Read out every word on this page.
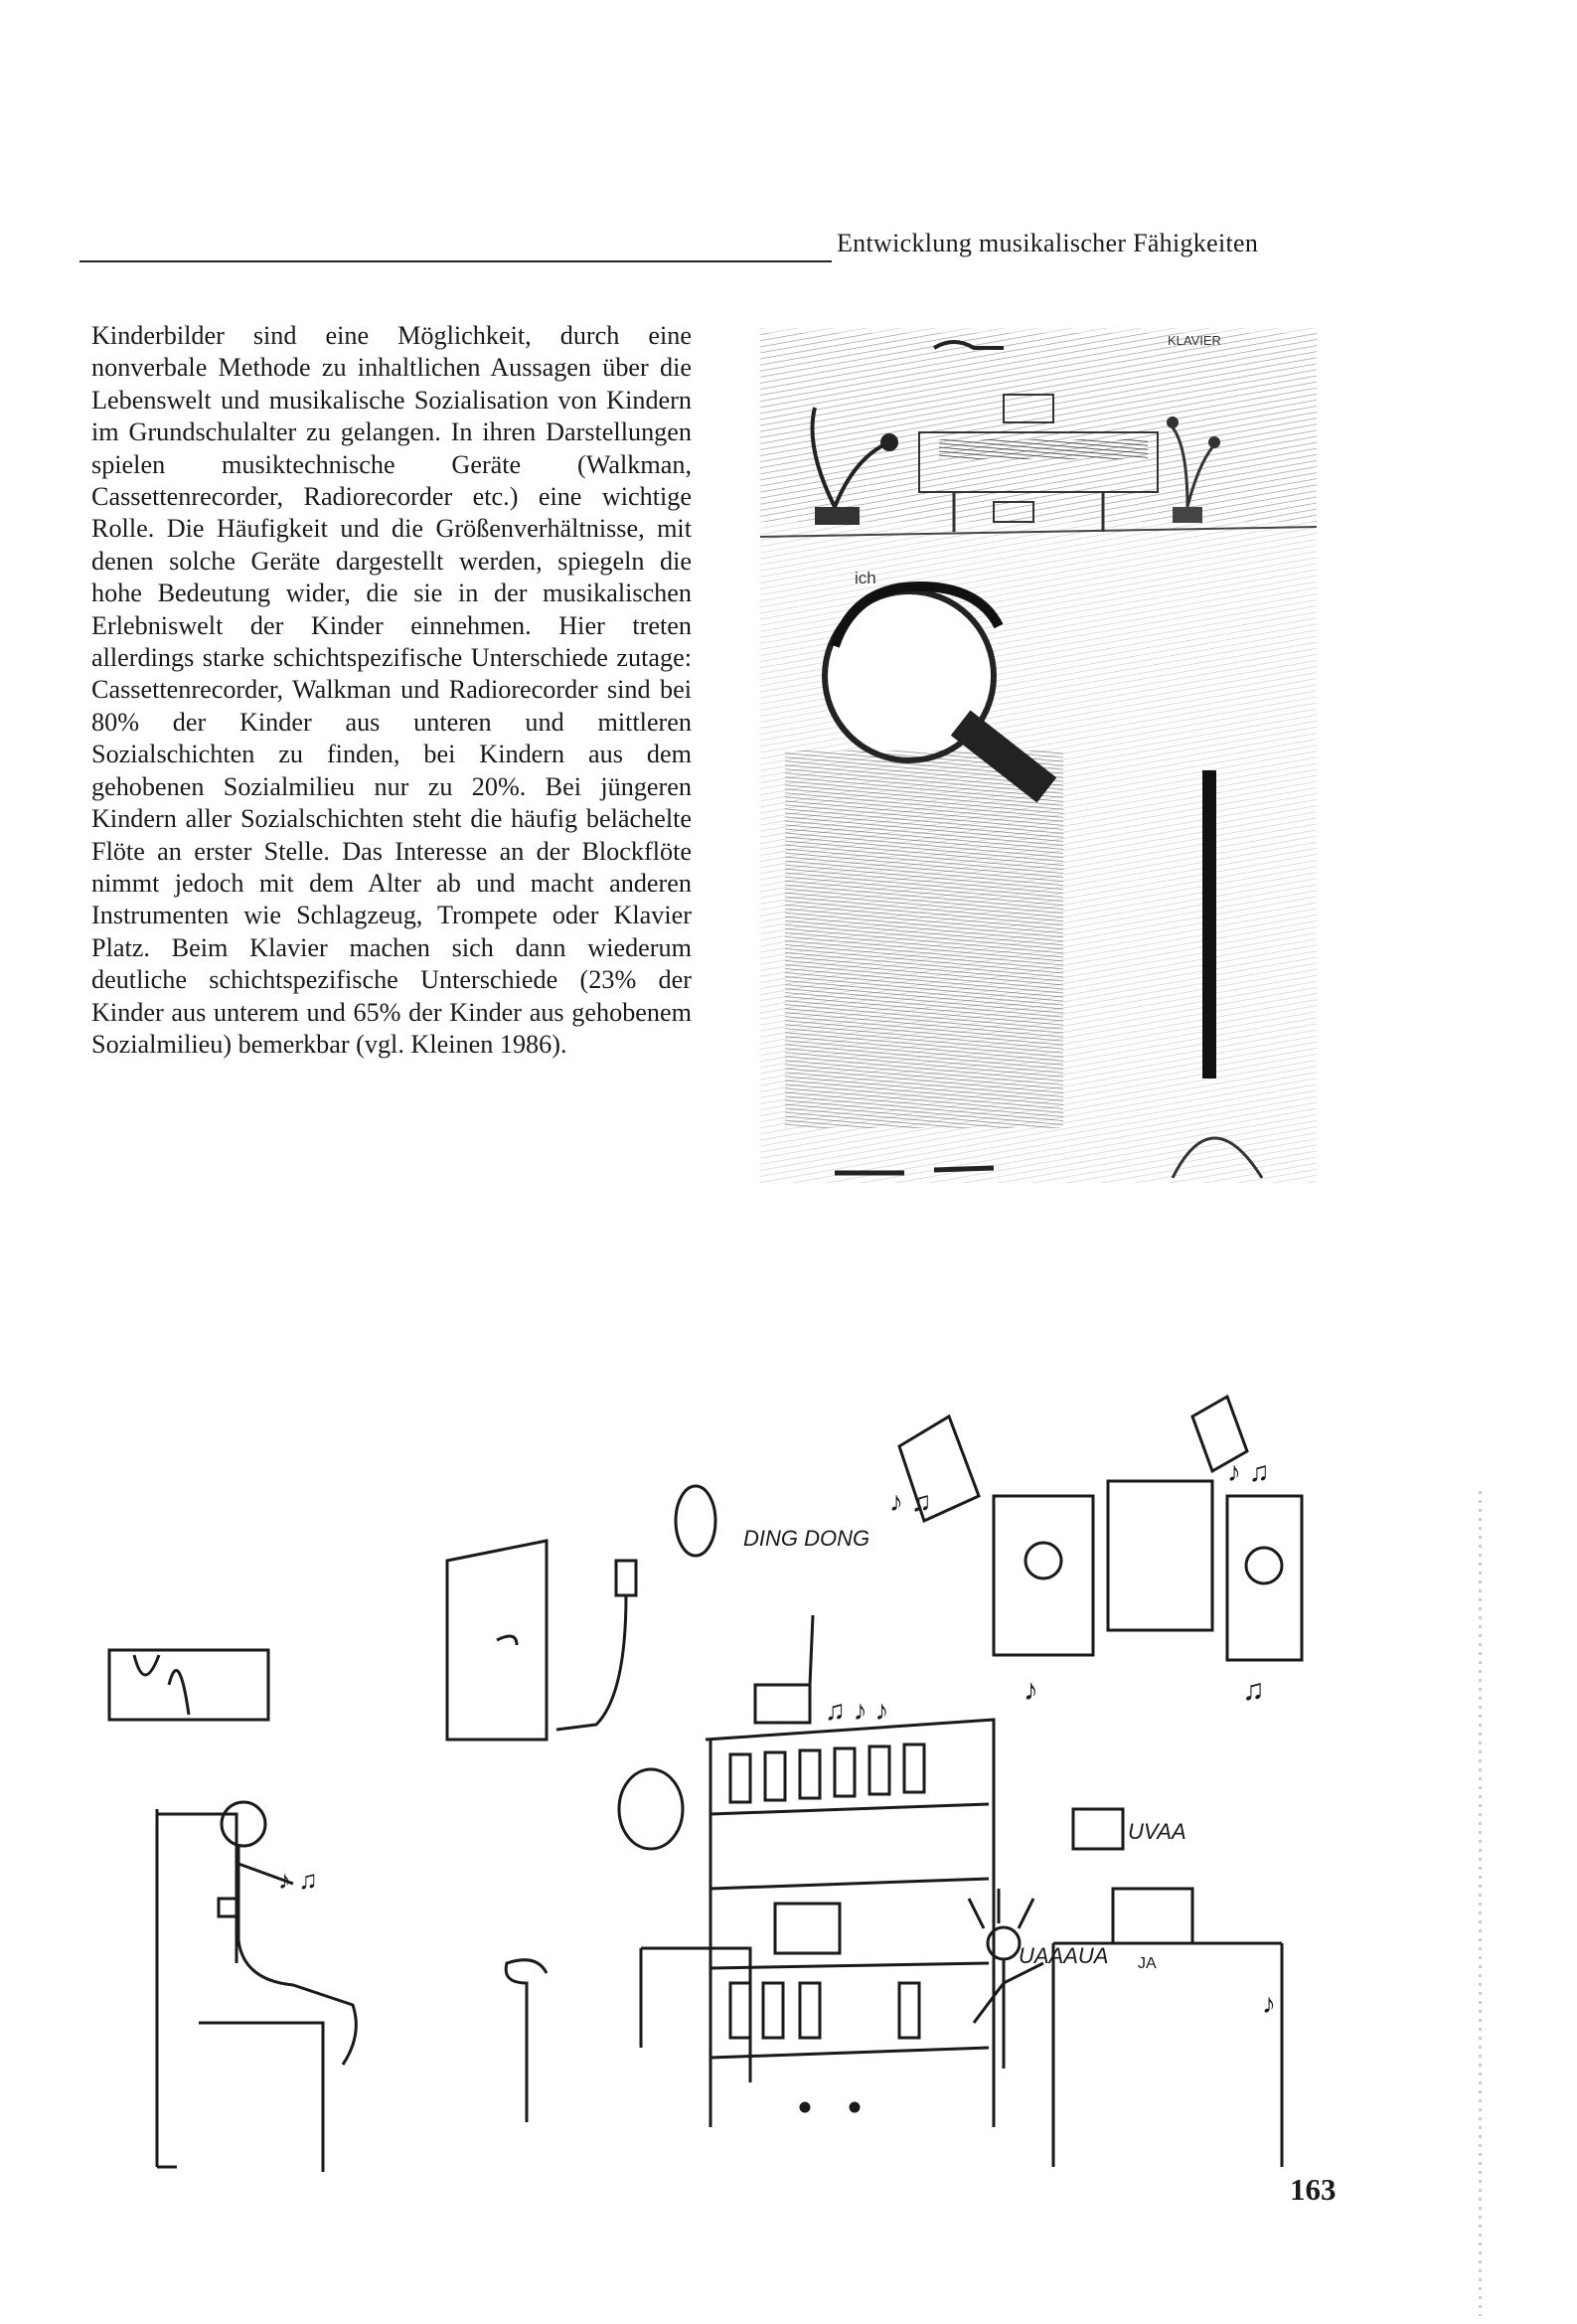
Entwicklung musikalischer Fähigkeiten
Kinderbilder sind eine Möglichkeit, durch eine nonverbale Methode zu inhaltlichen Aussagen über die Lebenswelt und musikalische Sozialisation von Kindern im Grundschulalter zu gelangen. In ihren Darstellungen spielen musiktechnische Geräte (Walkman, Cassettenrecorder, Radiorecorder etc.) eine wichtige Rolle. Die Häufigkeit und die Größenverhältnisse, mit denen solche Geräte dargestellt werden, spiegeln die hohe Bedeutung wider, die sie in der musikalischen Erlebniswelt der Kinder einnehmen. Hier treten allerdings starke schichtspezifische Unterschiede zutage: Cassettenrecorder, Walkman und Radiorecorder sind bei 80% der Kinder aus unteren und mittleren Sozialschichten zu finden, bei Kindern aus dem gehobenen Sozialmilieu nur zu 20%. Bei jüngeren Kindern aller Sozialschichten steht die häufig belächelte Flöte an erster Stelle. Das Interesse an der Blockflöte nimmt jedoch mit dem Alter ab und macht anderen Instrumenten wie Schlagzeug, Trompete oder Klavier Platz. Beim Klavier machen sich dann wiederum deutliche schichtspezifische Unterschiede (23% der Kinder aus unterem und 65% der Kinder aus gehobenem Sozialmilieu) bemerkbar (vgl. Kleinen 1986).
KLAVIER
ich
♪ ♫
DING DONG
UVAA
UAAAUA JA
♪ ♫
♪ ♫
♫ ♪ ♪
♪	♫
♪
163
